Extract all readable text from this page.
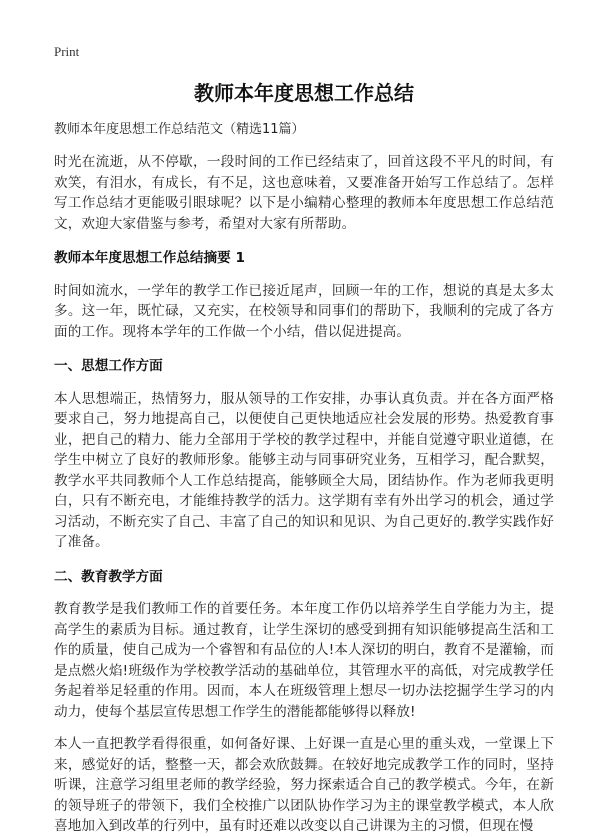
Print
教师本年度思想工作总结

教师本年度思想工作总结范文（精选11篇）

时光在流逝，从不停歇，一段时间的工作已经结束了，回首这段不平凡的时间，有欢笑，有泪水，有成长，有不足，这也意味着，又要准备开始写工作总结了。怎样写工作总结才更能吸引眼球呢？以下是小编精心整理的教师本年度思想工作总结范文，欢迎大家借鉴与参考，希望对大家有所帮助。

教师本年度思想工作总结摘要 1

时间如流水，一学年的教学工作已接近尾声，回顾一年的工作，想说的真是太多太多。这一年，既忙碌，又充实，在校领导和同事们的帮助下，我顺利的完成了各方面的工作。现将本学年的工作做一个小结，借以促进提高。

一、思想工作方面

本人思想端正，热情努力，服从领导的工作安排，办事认真负责。并在各方面严格要求自己，努力地提高自己，以便使自己更快地适应社会发展的形势。热爱教育事业，把自己的精力、能力全部用于学校的教学过程中，并能自觉遵守职业道德，在学生中树立了良好的教师形象。能够主动与同事研究业务，互相学习，配合默契，教学水平共同教师个人工作总结提高，能够顾全大局，团结协作。作为老师我更明白，只有不断充电，才能维持教学的活力。这学期有幸有外出学习的机会，通过学习活动，不断充实了自己、丰富了自己的知识和见识、为自己更好的.教学实践作好了准备。

二、教育教学方面

教育教学是我们教师工作的首要任务。本年度工作仍以培养学生自学能力为主，提高学生的素质为目标。通过教育，让学生深切的感受到拥有知识能够提高生活和工作的质量，使自己成为一个睿智和有品位的人!本人深切的明白，教育不是灌输，而是点燃火焰!班级作为学校教学活动的基础单位，其管理水平的高低，对完成教学任务起着举足轻重的作用。因而，本人在班级管理上想尽一切办法挖掘学生学习的内动力，使每个基层宣传思想工作学生的潜能都能够得以释放!

本人一直把教学看得很重，如何备好课、上好课一直是心里的重头戏，一堂课上下来，感觉好的话，整整一天，都会欢欣鼓舞。在较好地完成教学工作的同时，坚持听课，注意学习组里老师的教学经验，努力探索适合自己的教学模式。今年，在新的领导班子的带领下，我们全校推广以团队协作学习为主的课堂教学模式，本人欣喜地加入到改革的行列中，虽有时还难以改变以自己讲课为主的习惯，但现在慢
